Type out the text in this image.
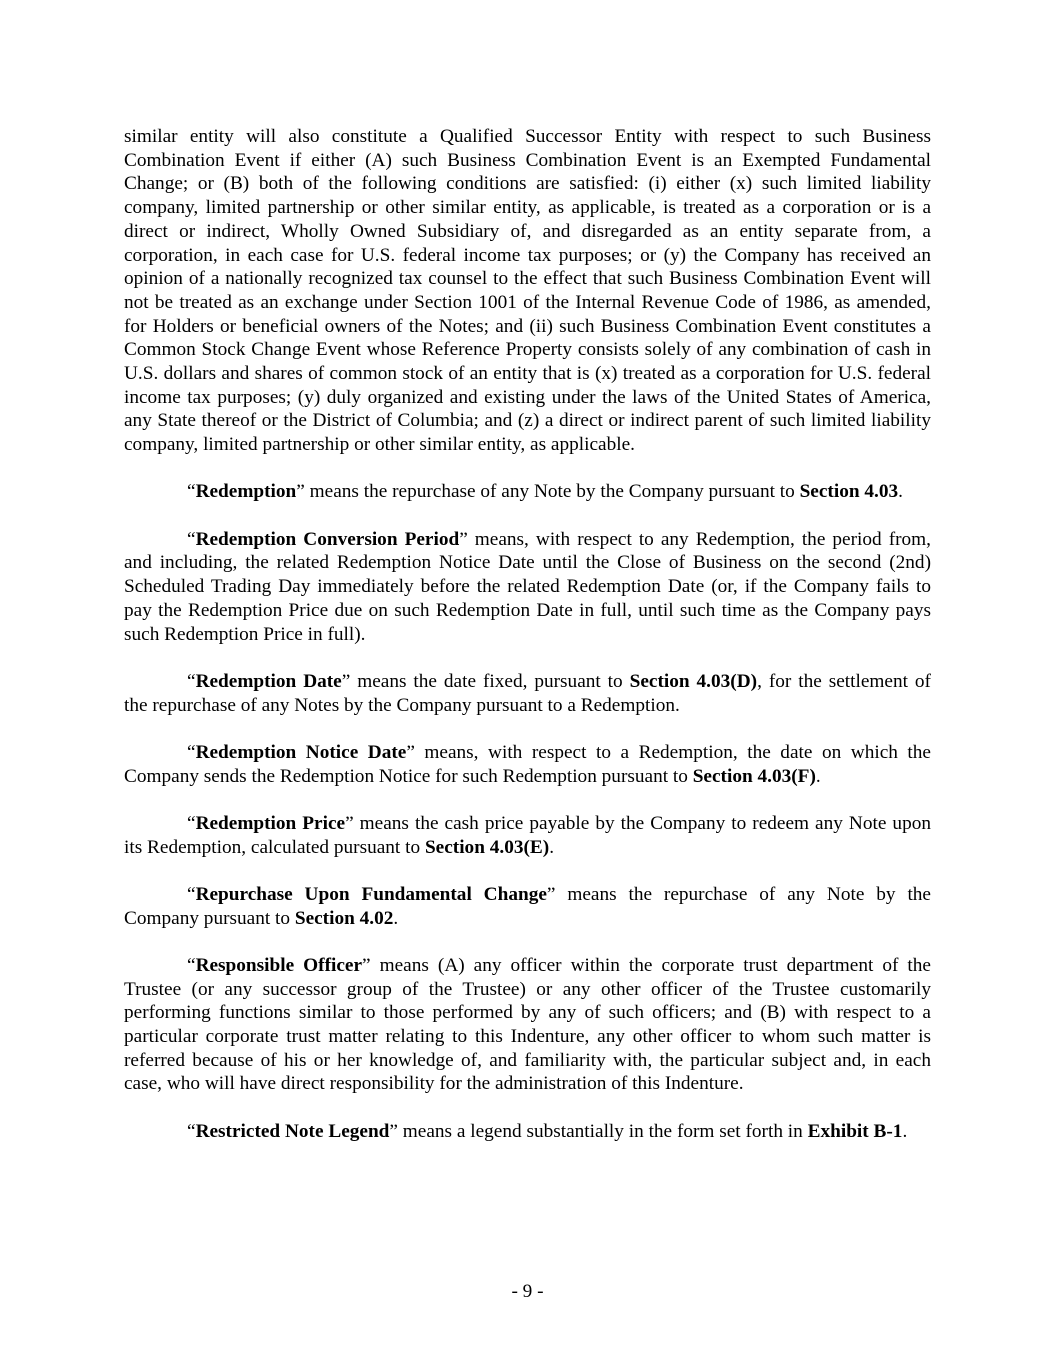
similar entity will also constitute a Qualified Successor Entity with respect to such Business Combination Event if either (A) such Business Combination Event is an Exempted Fundamental Change; or (B) both of the following conditions are satisfied: (i) either (x) such limited liability company, limited partnership or other similar entity, as applicable, is treated as a corporation or is a direct or indirect, Wholly Owned Subsidiary of, and disregarded as an entity separate from, a corporation, in each case for U.S. federal income tax purposes; or (y) the Company has received an opinion of a nationally recognized tax counsel to the effect that such Business Combination Event will not be treated as an exchange under Section 1001 of the Internal Revenue Code of 1986, as amended, for Holders or beneficial owners of the Notes; and (ii) such Business Combination Event constitutes a Common Stock Change Event whose Reference Property consists solely of any combination of cash in U.S. dollars and shares of common stock of an entity that is (x) treated as a corporation for U.S. federal income tax purposes; (y) duly organized and existing under the laws of the United States of America, any State thereof or the District of Columbia; and (z) a direct or indirect parent of such limited liability company, limited partnership or other similar entity, as applicable.

“Redemption” means the repurchase of any Note by the Company pursuant to Section 4.03.

“Redemption Conversion Period” means, with respect to any Redemption, the period from, and including, the related Redemption Notice Date until the Close of Business on the second (2nd) Scheduled Trading Day immediately before the related Redemption Date (or, if the Company fails to pay the Redemption Price due on such Redemption Date in full, until such time as the Company pays such Redemption Price in full).

“Redemption Date” means the date fixed, pursuant to Section 4.03(D), for the settlement of the repurchase of any Notes by the Company pursuant to a Redemption.

“Redemption Notice Date” means, with respect to a Redemption, the date on which the Company sends the Redemption Notice for such Redemption pursuant to Section 4.03(F).

“Redemption Price” means the cash price payable by the Company to redeem any Note upon its Redemption, calculated pursuant to Section 4.03(E).

“Repurchase Upon Fundamental Change” means the repurchase of any Note by the Company pursuant to Section 4.02.

“Responsible Officer” means (A) any officer within the corporate trust department of the Trustee (or any successor group of the Trustee) or any other officer of the Trustee customarily performing functions similar to those performed by any of such officers; and (B) with respect to a particular corporate trust matter relating to this Indenture, any other officer to whom such matter is referred because of his or her knowledge of, and familiarity with, the particular subject and, in each case, who will have direct responsibility for the administration of this Indenture.

“Restricted Note Legend” means a legend substantially in the form set forth in Exhibit B-1.

- 9 -
